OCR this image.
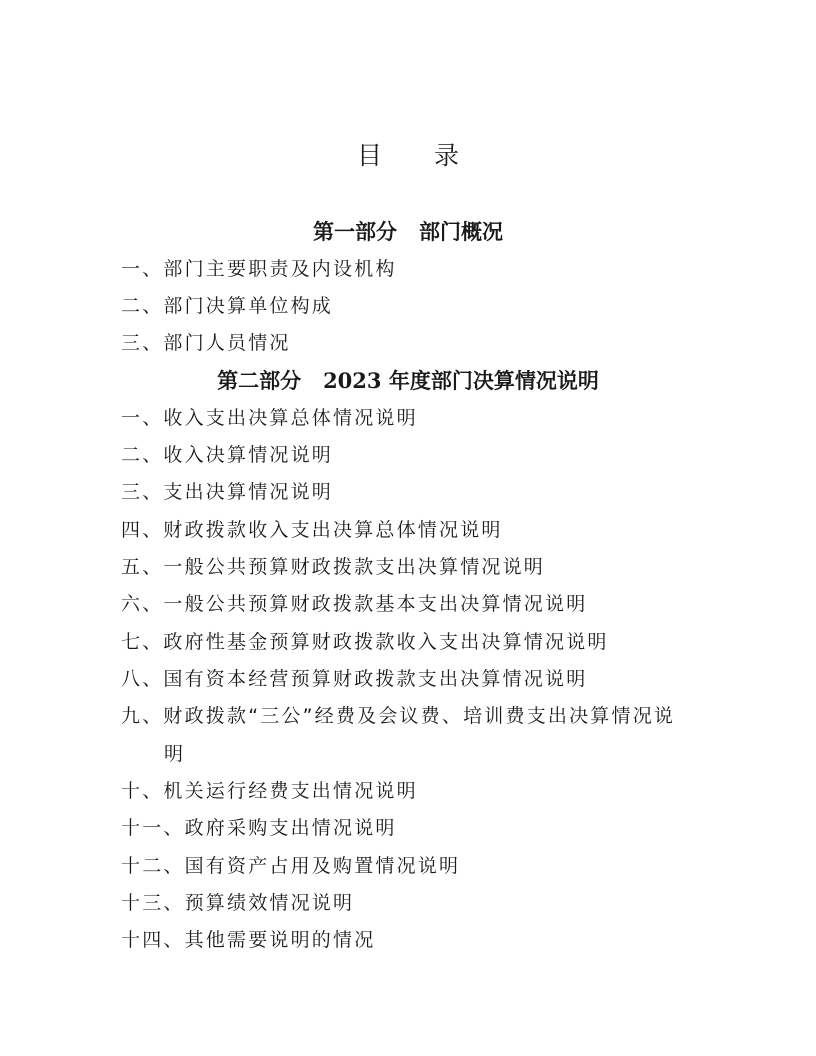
目 录
第一部分   部门概况
一、部门主要职责及内设机构
二、部门决算单位构成
三、部门人员情况
第二部分   2023 年度部门决算情况说明
一、收入支出决算总体情况说明
二、收入决算情况说明
三、支出决算情况说明
四、财政拨款收入支出决算总体情况说明
五、一般公共预算财政拨款支出决算情况说明
六、一般公共预算财政拨款基本支出决算情况说明
七、政府性基金预算财政拨款收入支出决算情况说明
八、国有资本经营预算财政拨款支出决算情况说明
九、财政拨款“三公”经费及会议费、培训费支出决算情况说
明
十、机关运行经费支出情况说明
十一、政府采购支出情况说明
十二、国有资产占用及购置情况说明
十三、预算绩效情况说明
十四、其他需要说明的情况
